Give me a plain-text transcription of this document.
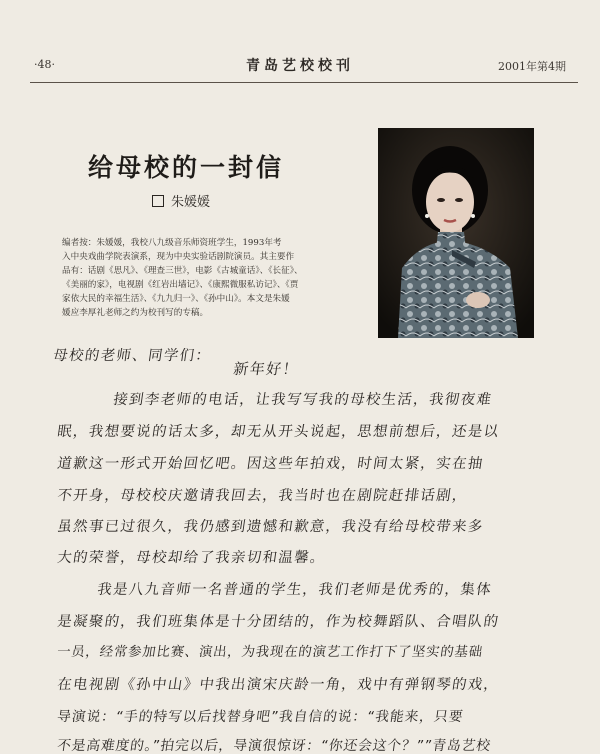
·48·	青岛艺校校刊	2001年第4期
给母校的一封信
朱媛媛

编者按：朱媛媛，我校八九级音乐师资班学生，1993年考

入中央戏曲学院表演系，现为中央实验话剧院演员。其主要作

品有：话剧《思凡》、《理查三世》，电影《古城童话》、《长征》、

《美丽的家》，电视剧《红岩出墙记》、《康熙微服私访记》、《贾

家依大民的幸福生活》、《九九归一》、《孙中山》。本文是朱媛

媛应李厚礼老师之约为校刊写的专稿。

母校的老师、同学们：
新年好！
接到李老师的电话，让我写写我的母校生活，我彻夜难
眠，我想要说的话太多，却无从开头说起，思想前想后，还是以
道歉这一形式开始回忆吧。因这些年拍戏，时间太紧，实在抽
不开身，母校校庆邀请我回去，我当时也在剧院赶排话剧，
虽然事已过很久，我仍感到遗憾和歉意，我没有给母校带来多
大的荣誉，母校却给了我亲切和温馨。
我是八九音师一名普通的学生，我们老师是优秀的，集体
是凝聚的，我们班集体是十分团结的，作为校舞蹈队、合唱队的
一员，经常参加比赛、演出，为我现在的演艺工作打下了坚实的基础
在电视剧《孙中山》中我出演宋庆龄一角，戏中有弹钢琴的戏，
导演说：“手的特写以后找替身吧”我自信的说：“我能来，只要
不是高难度的。”拍完以后，导演很惊讶：“你还会这个？””青岛艺校
